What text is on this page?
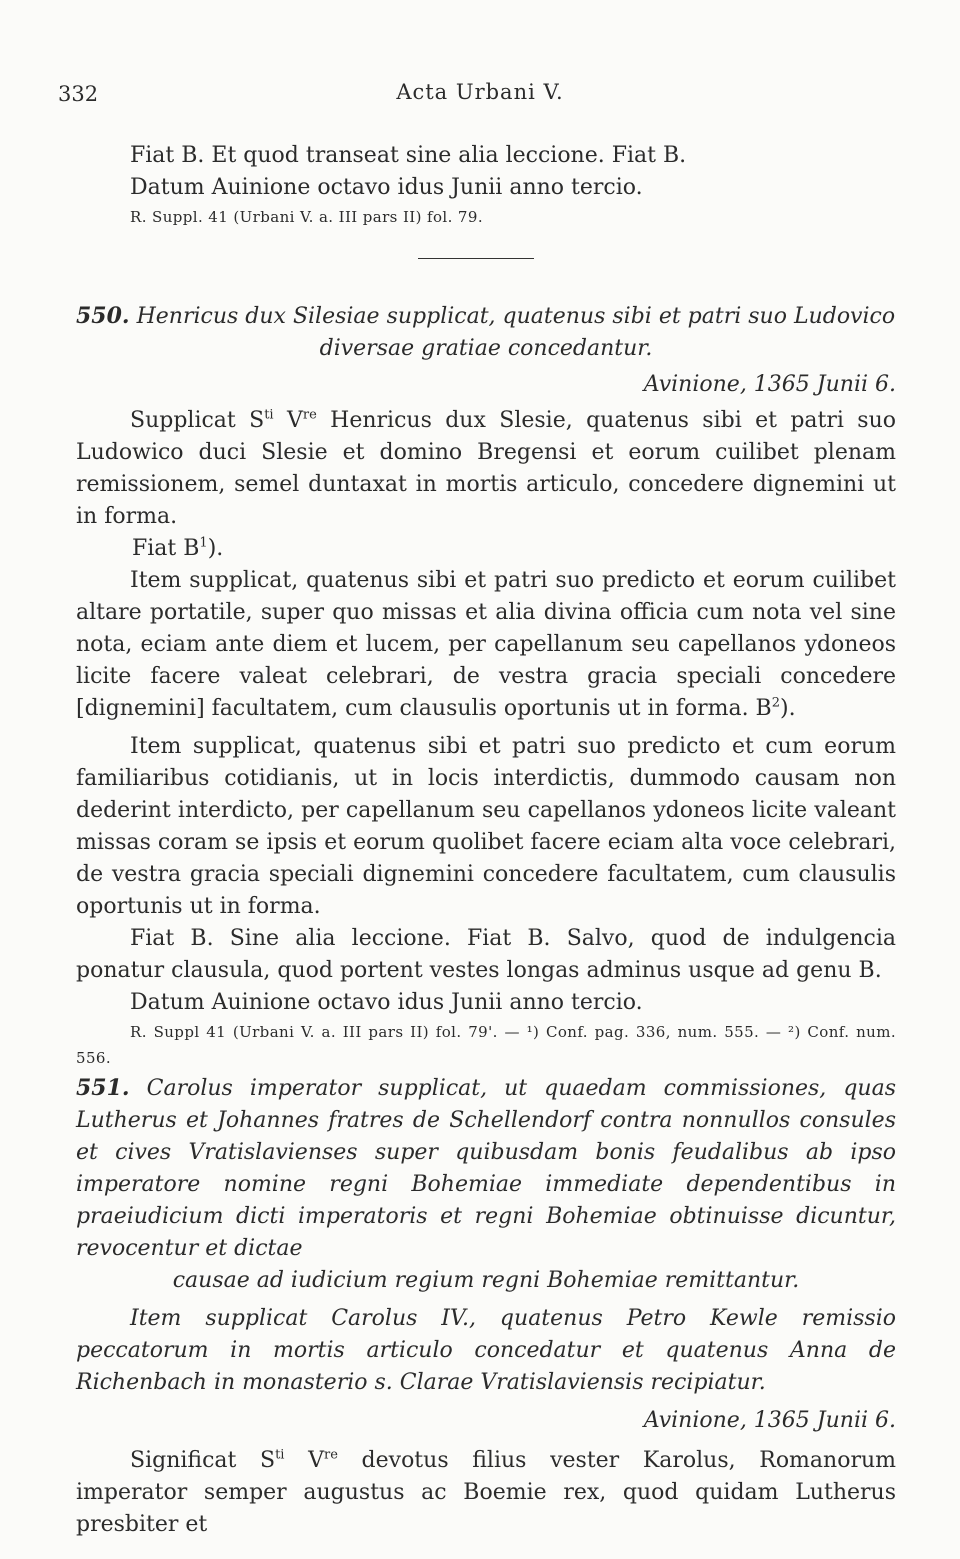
332	Acta Urbani V.

Fiat B. Et quod transeat sine alia leccione. Fiat B.

Datum Auinione octavo idus Junii anno tercio.

R. Suppl. 41 (Urbani V. a. III pars II) fol. 79.

550. Henricus dux Silesiae supplicat, quatenus sibi et patri suo Ludovico

diversae gratiae concedantur.

Avinione, 1365 Junii 6.

Supplicat $S^{ti}$ Vre Henricus dux Slesie, quatenus sibi et patri suo Ludowico duci Slesie et domino Bregensi et eorum cuilibet plenam remissionem, semel duntaxat in mortis articulo, concedere dignemini ut in forma.

Fiat $B^1$).

Item supplicat, quatenus sibi et patri suo predicto et eorum cuilibet altare portatile, super quo missas et alia divina officia cum nota vel sine nota, eciam ante diem et lucem, per capellanum seu capellanos ydoneos licite facere valeat celebrari, de vestra gracia speciali concedere [dignemini] facultatem, cum clausulis oportunis ut in forma. $B^2$).

Item supplicat, quatenus sibi et patri suo predicto et cum eorum familiaribus cotidianis, ut in locis interdictis, dummodo causam non dederint interdicto, per capellanum seu capellanos ydoneos licite valeant missas coram se ipsis et eorum quolibet facere eciam alta voce celebrari, de vestra gracia speciali dignemini concedere facultatem, cum clausulis oportunis ut in forma.

Fiat B. Sine alia leccione. Fiat B. Salvo, quod de indulgencia ponatur clausula, quod portent vestes longas adminus usque ad genu B.

Datum Auinione octavo idus Junii anno tercio.

R. Suppl 41 (Urbani V. a. III pars II) fol. 79'. — ¹) Conf. pag. 336, num. 555. — ²) Conf. num. 556.

551. Carolus imperator supplicat, ut quaedam commissiones, quas Lutherus et Johannes fratres de Schellendorf contra nonnullos consules et cives Vratislavienses super quibusdam bonis feudalibus ab ipso imperatore nomine regni Bohemiae immediate dependentibus in praeiudicium dicti imperatoris et regni Bohemiae obtinuisse dicuntur, revocentur et dictae

causae ad iudicium regium regni Bohemiae remittantur.

Item supplicat Carolus IV., quatenus Petro Kewle remissio peccatorum in mortis articulo concedatur et quatenus Anna de Richenbach in monasterio s. Clarae Vratislaviensis recipiatur.

Avinione, 1365 Junii 6.

Significat $S^{ti}$ Vre devotus filius vester Karolus, Romanorum imperator semper augustus ac Boemie rex, quod quidam Lutherus presbiter et
